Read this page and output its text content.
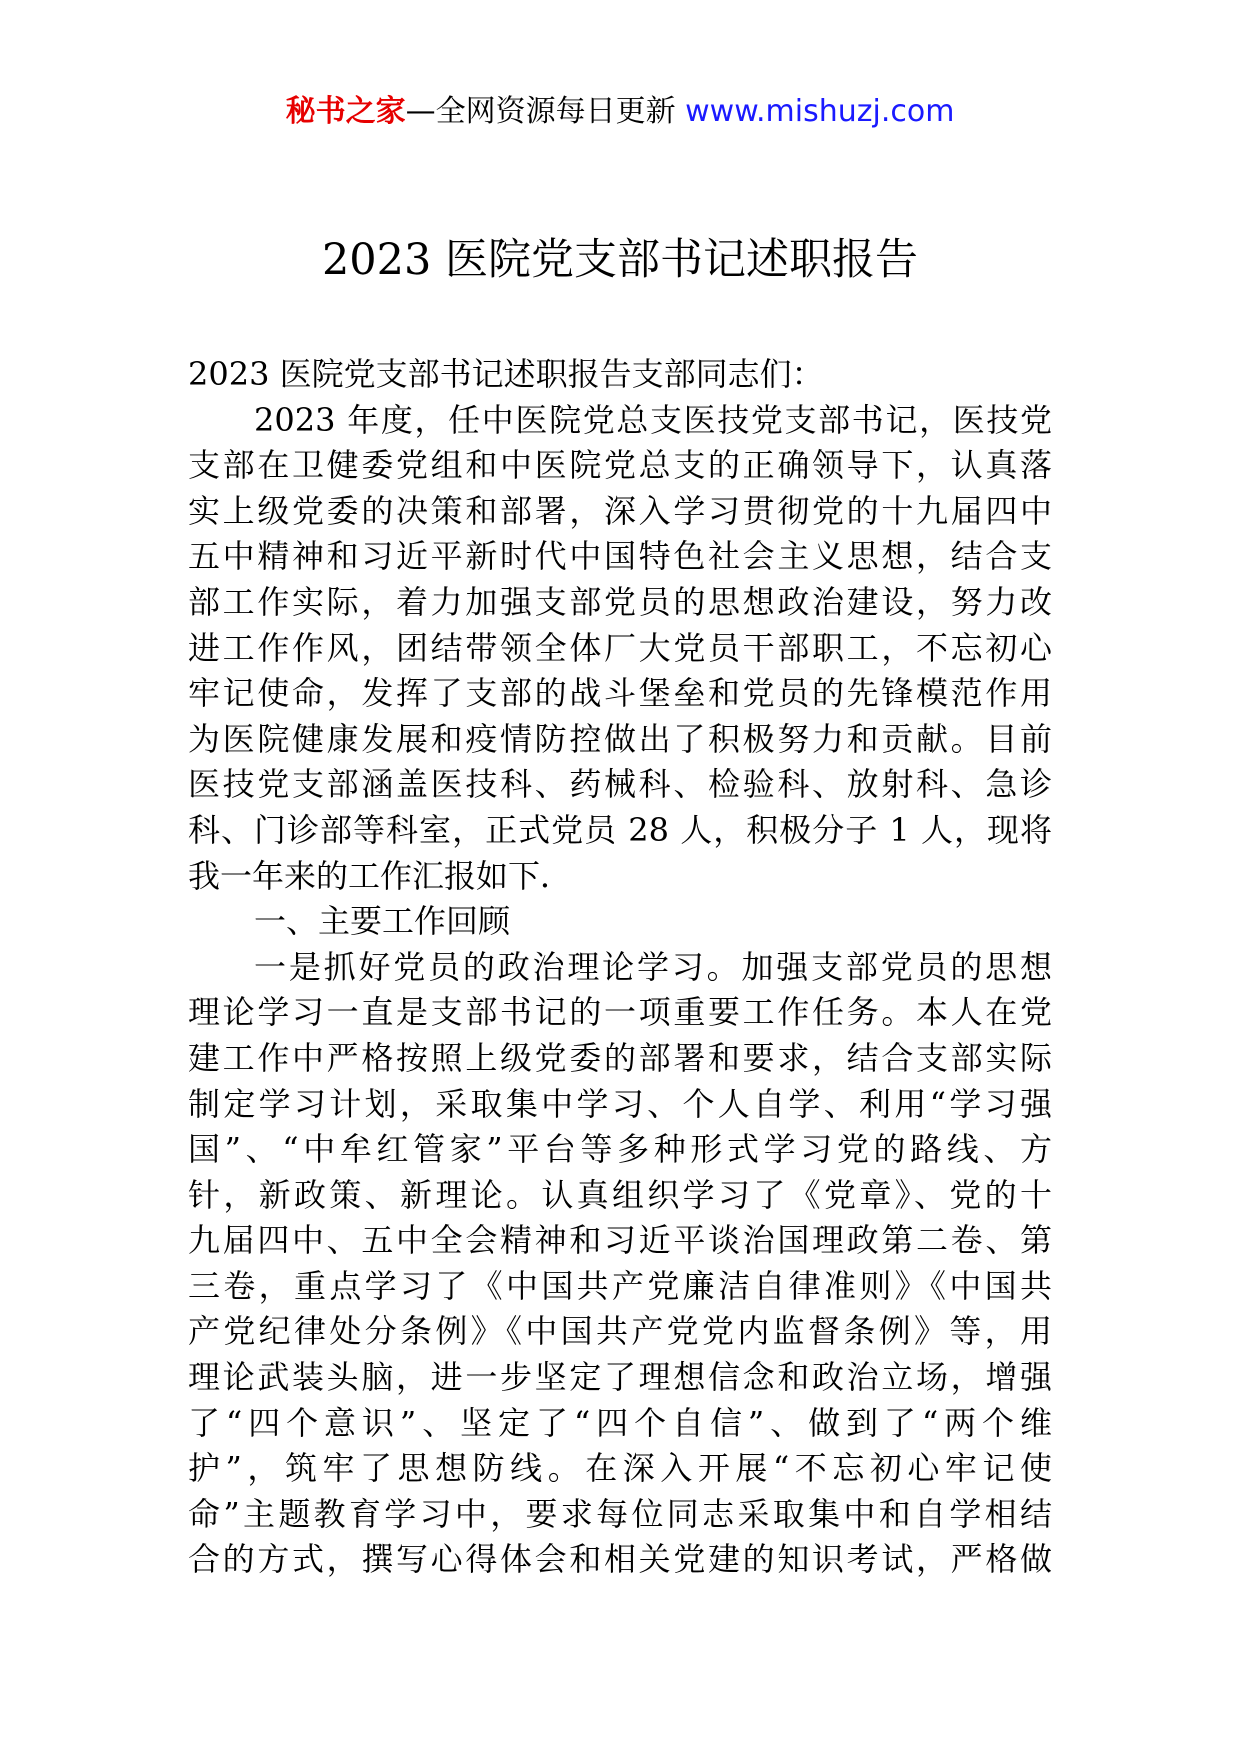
秘书之家—全网资源每日更新 www.mishuzj.com
2023 医院党支部书记述职报告
2023 医院党支部书记述职报告支部同志们：
2023 年度，任中医院党总支医技党支部书记，医技党
支部在卫健委党组和中医院党总支的正确领导下，认真落
实上级党委的决策和部署，深入学习贯彻党的十九届四中
五中精神和习近平新时代中国特色社会主义思想，结合支
部工作实际，着力加强支部党员的思想政治建设，努力改
进工作作风，团结带领全体厂大党员干部职工，不忘初心
牢记使命，发挥了支部的战斗堡垒和党员的先锋模范作用
为医院健康发展和疫情防控做出了积极努力和贡献。目前
医技党支部涵盖医技科、药械科、检验科、放射科、急诊
科、门诊部等科室，正式党员 28 人，积极分子 1 人，现将
我一年来的工作汇报如下．
一、主要工作回顾
一是抓好党员的政治理论学习。加强支部党员的思想
理论学习一直是支部书记的一项重要工作任务。本人在党
建工作中严格按照上级党委的部署和要求，结合支部实际
制定学习计划，采取集中学习、个人自学、利用“学习强
国”、“中牟红管家”平台等多种形式学习党的路线、方
针，新政策、新理论。认真组织学习了《党章》、党的十
九届四中、五中全会精神和习近平谈治国理政第二卷、第
三卷，重点学习了《中国共产党廉洁自律准则》《中国共
产党纪律处分条例》《中国共产党党内监督条例》等，用
理论武装头脑，进一步坚定了理想信念和政治立场，增强
了“四个意识”、坚定了“四个自信”、做到了“两个维
护”，筑牢了思想防线。在深入开展“不忘初心牢记使
命”主题教育学习中，要求每位同志采取集中和自学相结
合的方式，撰写心得体会和相关党建的知识考试，严格做
